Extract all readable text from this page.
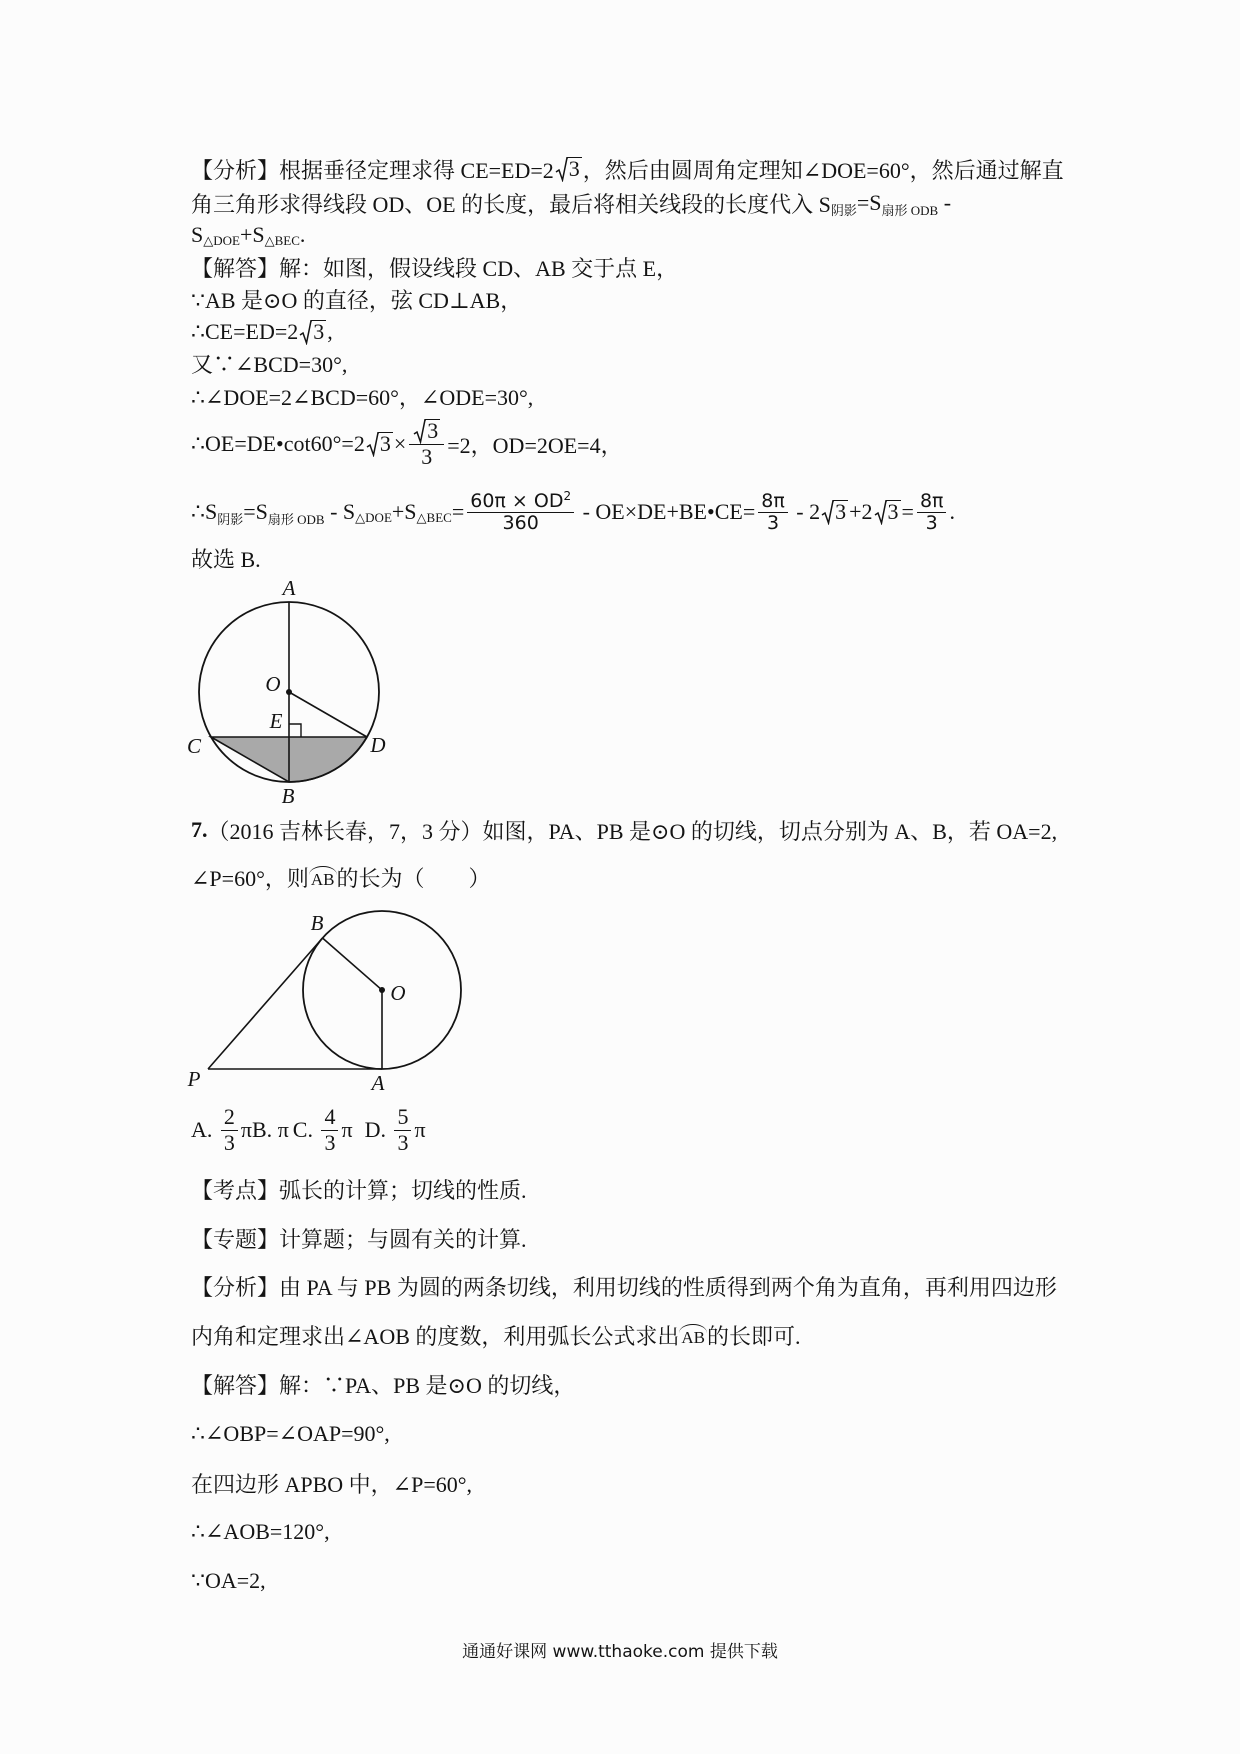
【分析】 根据垂径定理求得 CE=ED=2 3 ，然后由圆周角定理知∠DOE=60°，然后通过解直
角三角形求得线段 OD、OE 的长度，最后将相关线段的长度代入 S 阴影 =S 扇形 ODB -
S △DOE +S △BEC .
【解答】 解：如图，假设线段 CD、AB 交于点 E，
∵AB 是⊙O 的直径，弦 CD⊥AB，
∴CE=ED=2 3 ,
又∵∠BCD=30°,
∴∠DOE=2∠BCD=60°，∠ODE=30°,
∴OE=DE•cot60°=2 $3 \times \frac{3}{3} =2$，OD=2OE=4，
∴S 阴影 =S 扇形 ODB - S △DOE +S △BEC = $\frac{60\pi \times OD^2}{360}$ - OE×DE+BE•CE= $\frac{8\pi}{3} - 2$ 3 +2 $3 = \frac{8\pi}{3}$ .
故选 B.
A
O
E
C	D
B
7. （2016 吉林长春，7，3 分）如图，PA、PB 是⊙O 的切线，切点分别为 A、B，若 OA=2,
∠P=60°，则 AB 的长为（　　）
B
O
P	A
A. $\frac{2}{3}$ π B. π C. $\frac{4}{3}$ π D. $\frac{5}{3}$ π
【考点】 弧长的计算；切线的性质.
【专题】 计算题；与圆有关的计算.
【分析】 由 PA 与 PB 为圆的两条切线，利用切线的性质得到两个角为直角，再利用四边形
内角和定理求出∠AOB 的度数，利用弧长公式求出 AB 的长即可.
【解答】 解：∵PA、PB 是⊙O 的切线，
∴∠OBP=∠OAP=90°,
在四边形 APBO 中，∠P=60°,
∴∠AOB=120°,
∵OA=2,
通通好课网 www.tthaoke.com 提供下载
